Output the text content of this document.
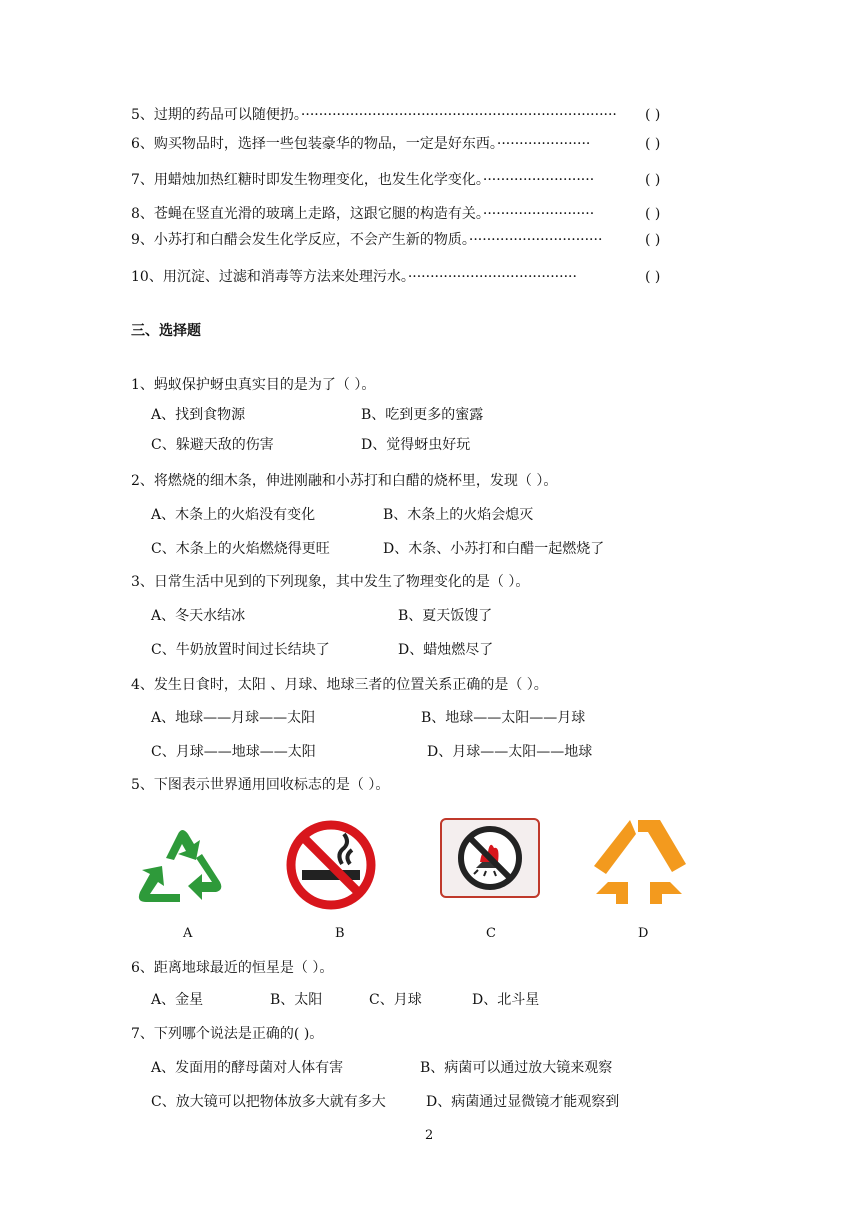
5、过期的药品可以随便扔。······································································· ( )
6、购买物品时，选择一些包装豪华的物品，一定是好东西。·····················	( )
7、用蜡烛加热红糖时即发生物理变化，也发生化学变化。·························	( )
8、苍蝇在竖直光滑的玻璃上走路，这跟它腿的构造有关。·························	( )
9、小苏打和白醋会发生化学反应，不会产生新的物质。······························	( )
10、用沉淀、过滤和消毒等方法来处理污水。······································	( )
三、选择题
1、蚂蚁保护蚜虫真实目的是为了（ ）。
A、找到食物源	B、吃到更多的蜜露
C、躲避天敌的伤害	D、觉得蚜虫好玩
2、将燃烧的细木条，伸进刚融和小苏打和白醋的烧杯里，发现（ ）。
A、木条上的火焰没有变化	B、木条上的火焰会熄灭
C、木条上的火焰燃烧得更旺	D、木条、小苏打和白醋一起燃烧了
3、日常生活中见到的下列现象，其中发生了物理变化的是（ ）。
A、冬天水结冰	B、夏天饭馊了
C、牛奶放置时间过长结块了	D、蜡烛燃尽了
4、发生日食时，太阳 、月球、地球三者的位置关系正确的是（ ）。
A、地球——月球——太阳	B、地球——太阳——月球
C、月球——地球——太阳	D、月球——太阳——地球
5、下图表示世界通用回收标志的是（ ）。
A	B	C	D
6、距离地球最近的恒星是（ ）。
A、金星	B、太阳	C、月球	D、北斗星
7、下列哪个说法是正确的( )。
A、发面用的酵母菌对人体有害	B、病菌可以通过放大镜来观察
C、放大镜可以把物体放多大就有多大	D、病菌通过显微镜才能观察到
2
